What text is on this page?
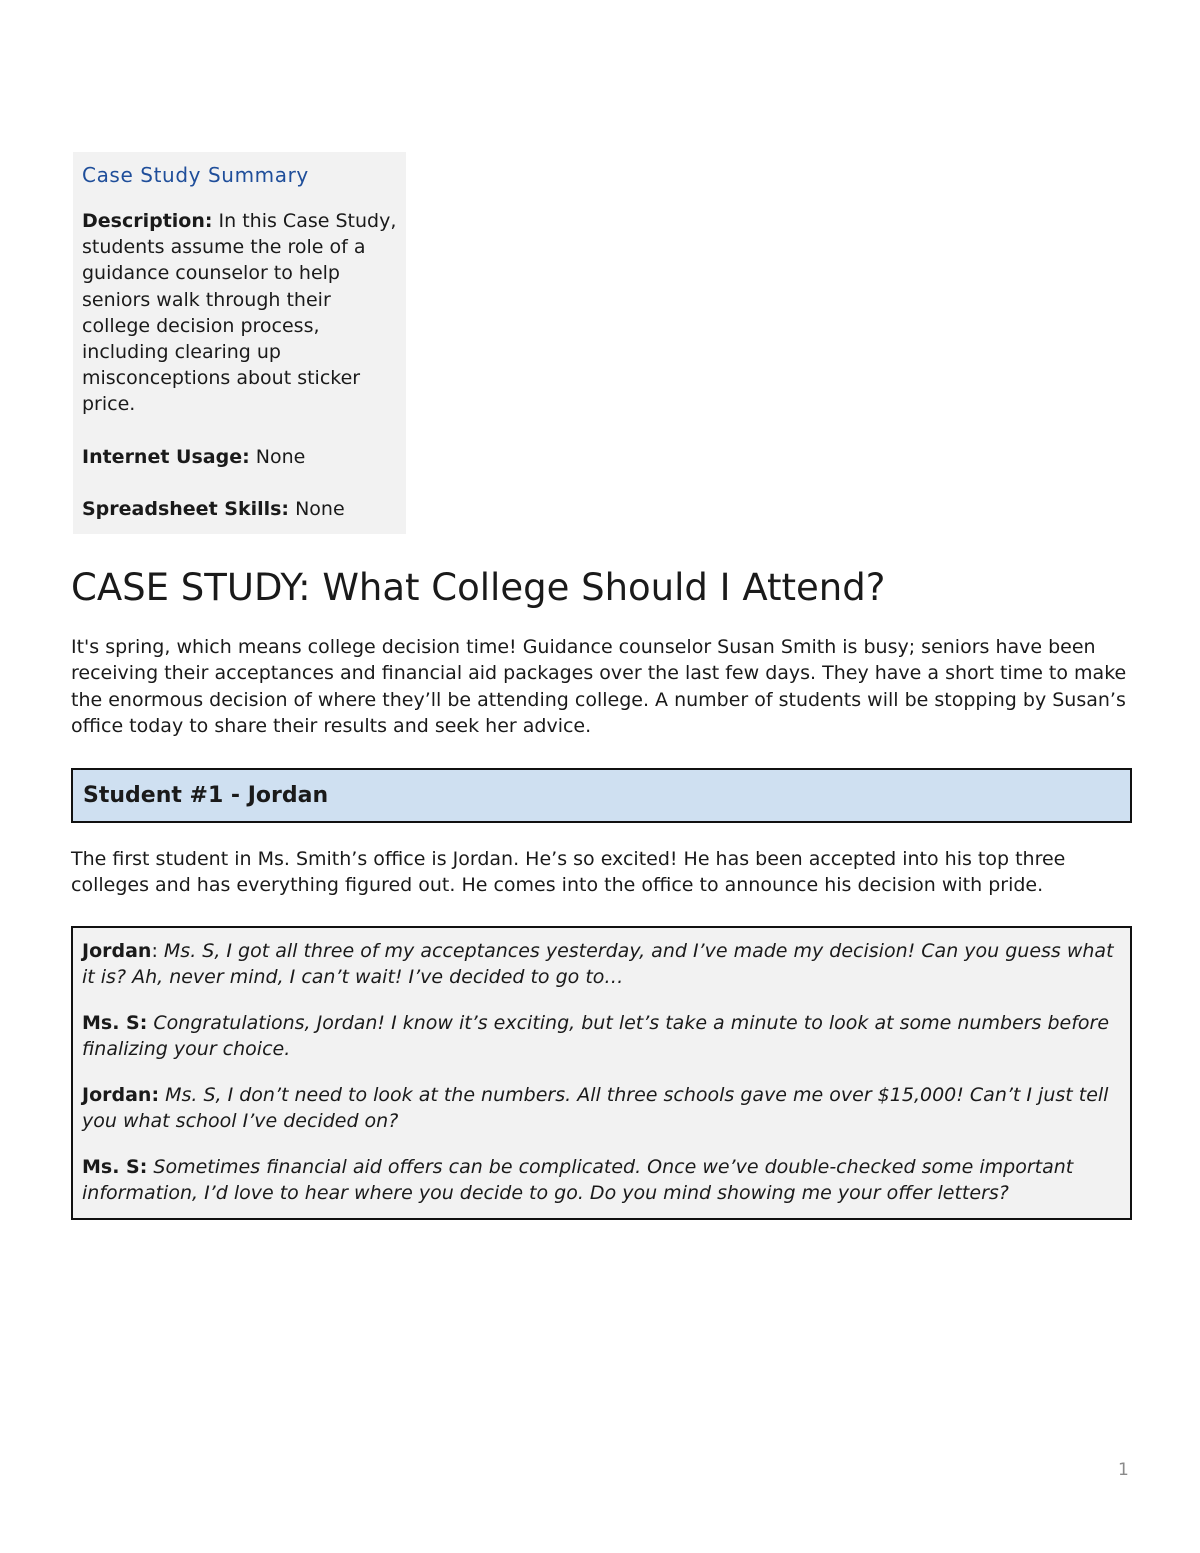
Case Study Summary

Description: In this Case Study, students assume the role of a guidance counselor to help seniors walk through their college decision process, including clearing up misconceptions about sticker price.

Internet Usage: None

Spreadsheet Skills: None

CASE STUDY: What College Should I Attend?

It's spring, which means college decision time! Guidance counselor Susan Smith is busy; seniors have been receiving their acceptances and financial aid packages over the last few days. They have a short time to make the enormous decision of where they’ll be attending college. A number of students will be stopping by Susan’s office today to share their results and seek her advice.

Student #1 - Jordan

The first student in Ms. Smith’s office is Jordan. He’s so excited! He has been accepted into his top three colleges and has everything figured out. He comes into the office to announce his decision with pride.

Jordan: Ms. S, I got all three of my acceptances yesterday, and I’ve made my decision! Can you guess what it is? Ah, never mind, I can’t wait! I’ve decided to go to…

Ms. S: Congratulations, Jordan! I know it’s exciting, but let’s take a minute to look at some numbers before finalizing your choice.

Jordan: Ms. S, I don’t need to look at the numbers. All three schools gave me over $15,000! Can’t I just tell you what school I’ve decided on?

Ms. S: Sometimes financial aid offers can be complicated. Once we’ve double-checked some important information, I’d love to hear where you decide to go. Do you mind showing me your offer letters?

1
